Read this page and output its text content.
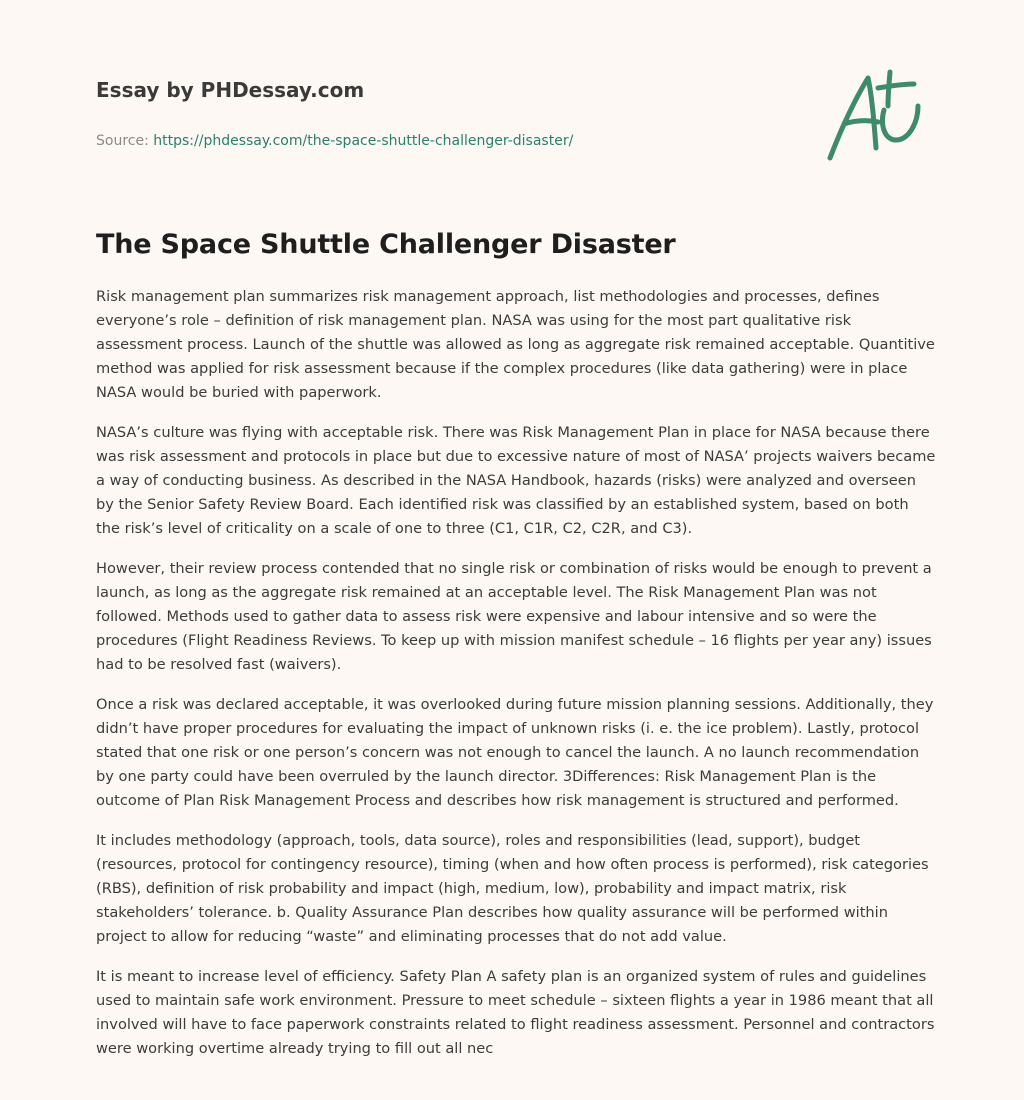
Essay by PHDessay.com
Source: https://phdessay.com/the-space-shuttle-challenger-disaster/
The Space Shuttle Challenger Disaster

Risk management plan summarizes risk management approach, list methodologies and processes, defines everyone’s role – definition of risk management plan. NASA was using for the most part qualitative risk assessment process. Launch of the shuttle was allowed as long as aggregate risk remained acceptable. Quantitive method was applied for risk assessment because if the complex procedures (like data gathering) were in place NASA would be buried with paperwork.

NASA’s culture was flying with acceptable risk. There was Risk Management Plan in place for NASA because there was risk assessment and protocols in place but due to excessive nature of most of NASA’ projects waivers became a way of conducting business. As described in the NASA Handbook, hazards (risks) were analyzed and overseen by the Senior Safety Review Board. Each identified risk was classified by an established system, based on both the risk’s level of criticality on a scale of one to three (C1, C1R, C2, C2R, and C3).

However, their review process contended that no single risk or combination of risks would be enough to prevent a launch, as long as the aggregate risk remained at an acceptable level. The Risk Management Plan was not followed. Methods used to gather data to assess risk were expensive and labour intensive and so were the procedures (Flight Readiness Reviews. To keep up with mission manifest schedule – 16 flights per year any) issues had to be resolved fast (waivers).

Once a risk was declared acceptable, it was overlooked during future mission planning sessions. Additionally, they didn’t have proper procedures for evaluating the impact of unknown risks (i. e. the ice problem). Lastly, protocol stated that one risk or one person’s concern was not enough to cancel the launch. A no launch recommendation by one party could have been overruled by the launch director. 3Differences: Risk Management Plan is the outcome of Plan Risk Management Process and describes how risk management is structured and performed.

It includes methodology (approach, tools, data source), roles and responsibilities (lead, support), budget (resources, protocol for contingency resource), timing (when and how often process is performed), risk categories (RBS), definition of risk probability and impact (high, medium, low), probability and impact matrix, risk stakeholders’ tolerance. b. Quality Assurance Plan describes how quality assurance will be performed within project to allow for reducing “waste” and eliminating processes that do not add value.

It is meant to increase level of efficiency. Safety Plan A safety plan is an organized system of rules and guidelines used to maintain safe work environment. Pressure to meet schedule – sixteen flights a year in 1986 meant that all involved will have to face paperwork constraints related to flight readiness assessment. Personnel and contractors were working overtime already trying to fill out all nec
